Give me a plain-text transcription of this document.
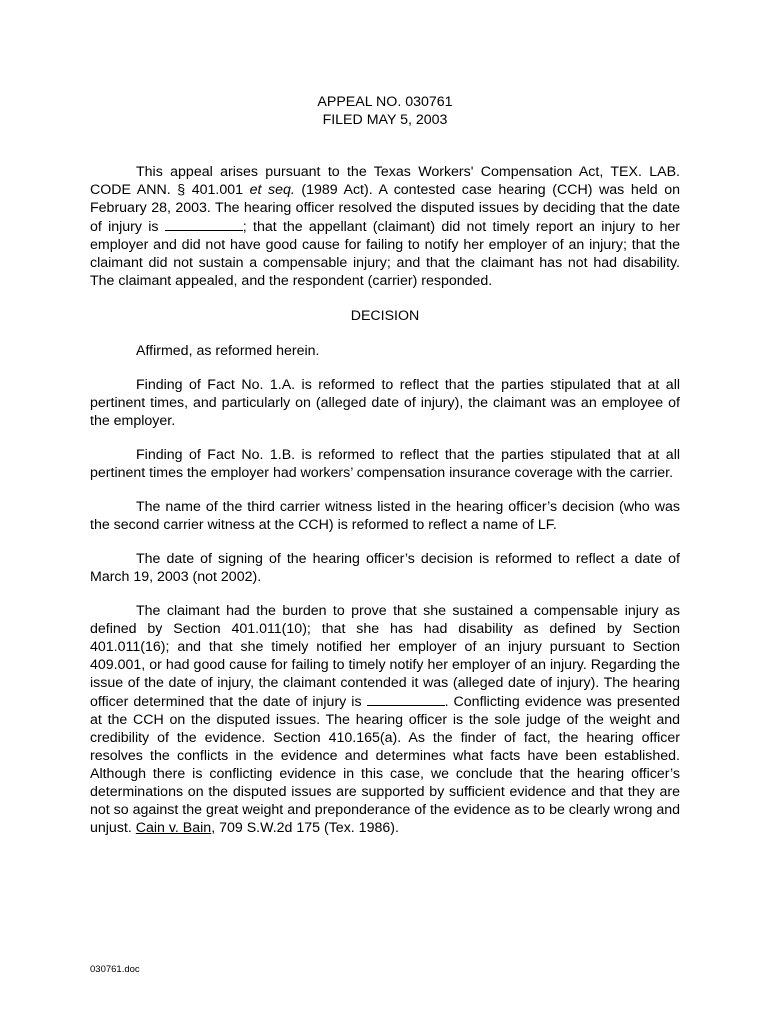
APPEAL NO. 030761

FILED MAY 5, 2003

This appeal arises pursuant to the Texas Workers' Compensation Act, TEX. LAB. CODE ANN. § 401.001 et seq. (1989 Act). A contested case hearing (CCH) was held on February 28, 2003. The hearing officer resolved the disputed issues by deciding that the date of injury is	; that the appellant (claimant) did not timely report an injury to her employer and did not have good cause for failing to notify her employer of an injury; that the claimant did not sustain a compensable injury; and that the claimant has not had disability. The claimant appealed, and the respondent (carrier) responded.

DECISION

Affirmed, as reformed herein.

Finding of Fact No. 1.A. is reformed to reflect that the parties stipulated that at all pertinent times, and particularly on (alleged date of injury), the claimant was an employee of the employer.

Finding of Fact No. 1.B. is reformed to reflect that the parties stipulated that at all pertinent times the employer had workers’ compensation insurance coverage with the carrier.

The name of the third carrier witness listed in the hearing officer’s decision (who was the second carrier witness at the CCH) is reformed to reflect a name of LF.

The date of signing of the hearing officer’s decision is reformed to reflect a date of March 19, 2003 (not 2002).

The claimant had the burden to prove that she sustained a compensable injury as defined by Section 401.011(10); that she has had disability as defined by Section 401.011(16); and that she timely notified her employer of an injury pursuant to Section 409.001, or had good cause for failing to timely notify her employer of an injury. Regarding the issue of the date of injury, the claimant contended it was (alleged date of injury). The hearing officer determined that the date of injury is	. Conflicting evidence was presented at the CCH on the disputed issues. The hearing officer is the sole judge of the weight and credibility of the evidence. Section 410.165(a). As the finder of fact, the hearing officer resolves the conflicts in the evidence and determines what facts have been established. Although there is conflicting evidence in this case, we conclude that the hearing officer’s determinations on the disputed issues are supported by sufficient evidence and that they are not so against the great weight and preponderance of the evidence as to be clearly wrong and unjust. Cain v. Bain, 709 S.W.2d 175 (Tex. 1986).

030761.doc
